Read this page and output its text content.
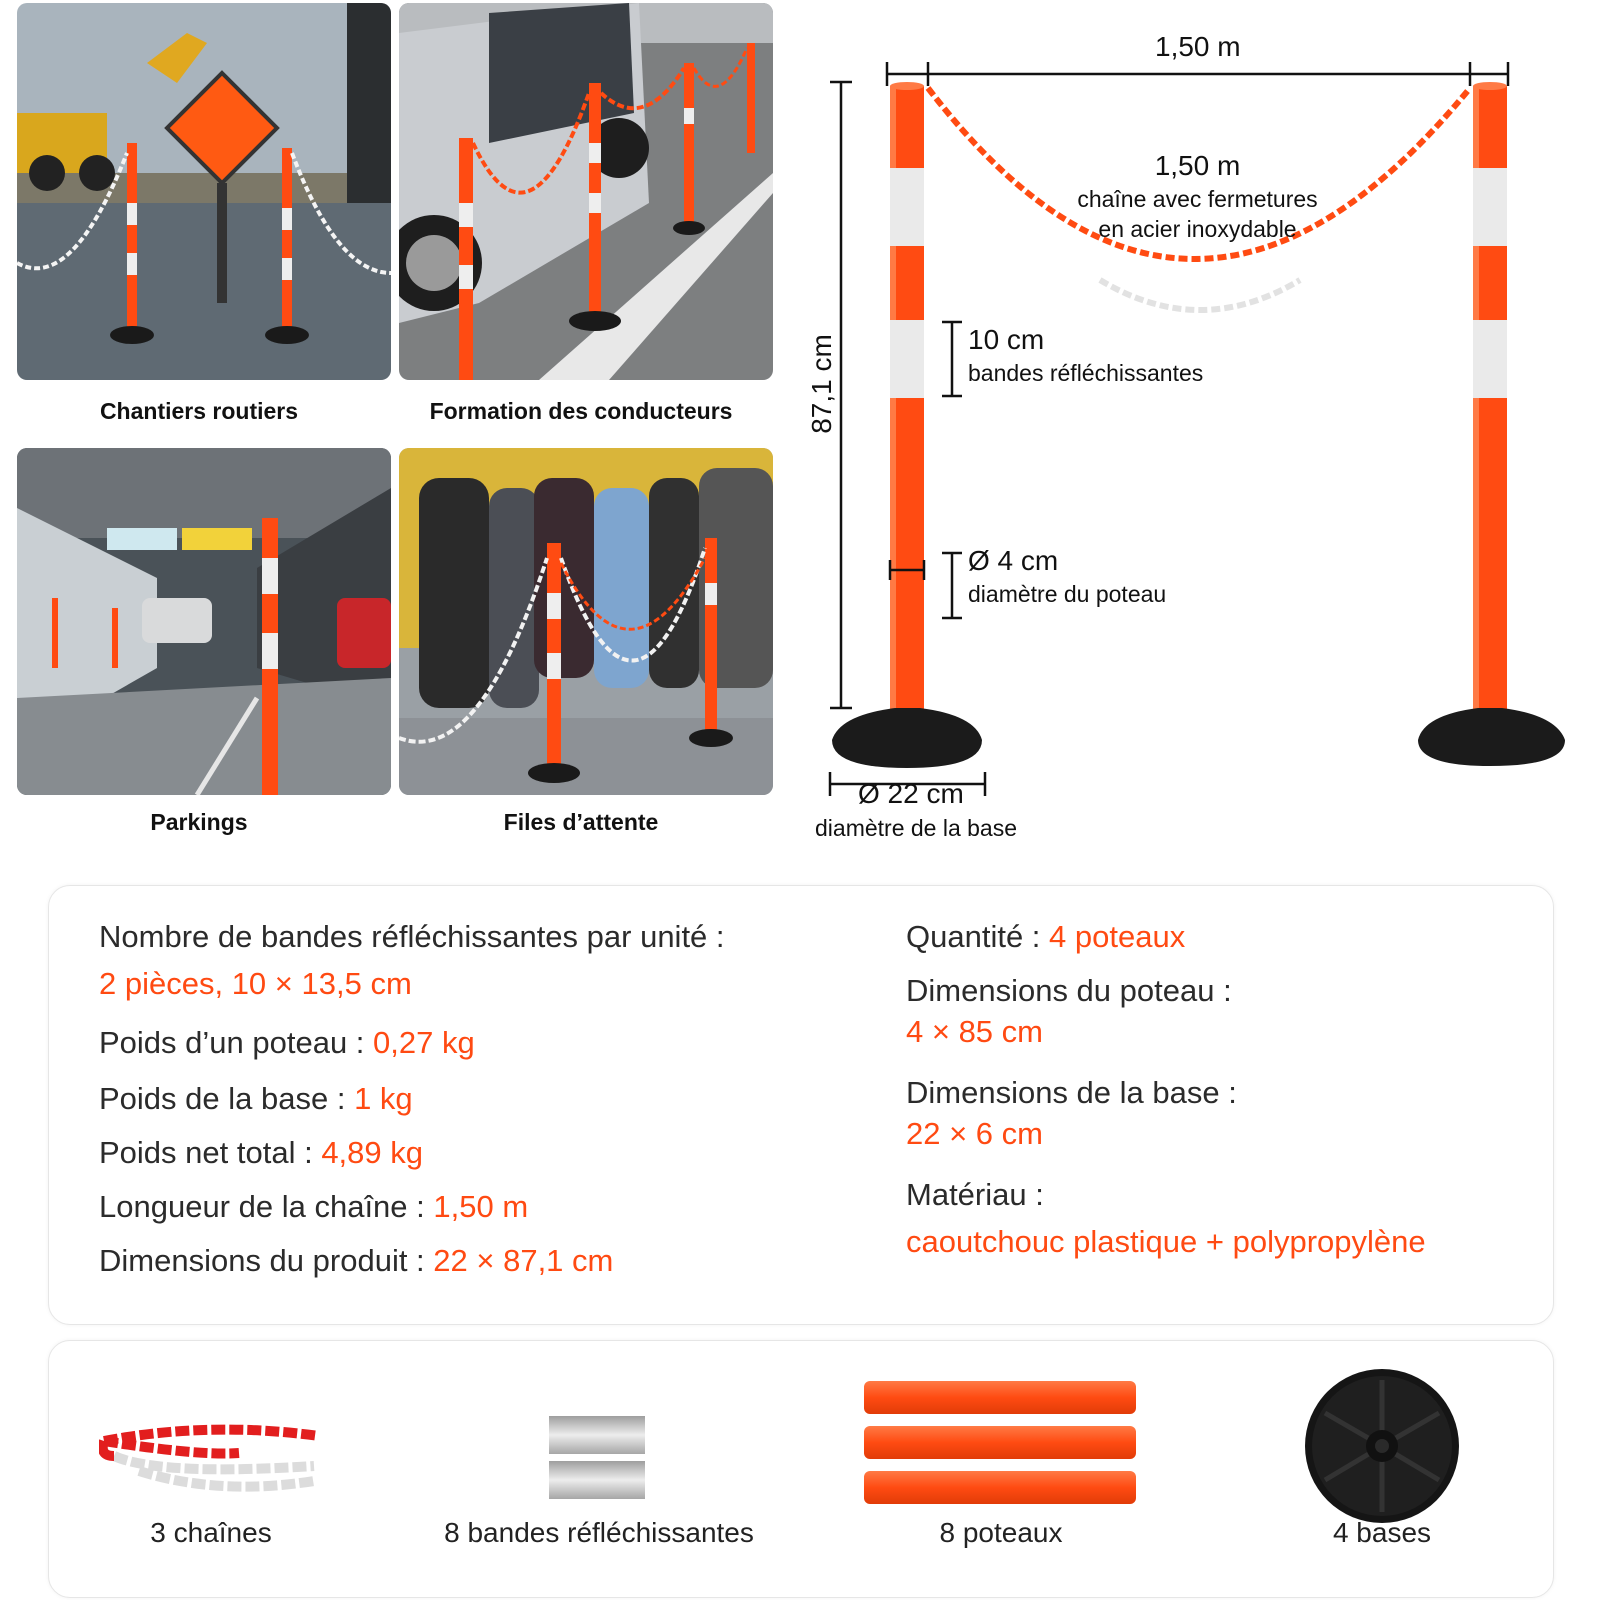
Chantiers routiers	Formation des conducteurs
Parkings	Files d’attente
1,50 m
1,50 m
chaîne avec fermetures
en acier inoxydable
87,1 cm	10 cm
bandes réfléchissantes
Ø 4 cm
diamètre du poteau
Ø 22 cm
diamètre de la base
Nombre de bandes réfléchissantes par unité :
2 pièces, 10 × 13,5 cm
Poids d’un poteau : 0,27 kg
Poids de la base : 1 kg
Poids net total : 4,89 kg
Longueur de la chaîne : 1,50 m
Dimensions du produit : 22 × 87,1 cm
Quantité : 4 poteaux
Dimensions du poteau :
4 × 85 cm
Dimensions de la base :
22 × 6 cm
Matériau :
caoutchouc plastique + polypropylène
3 chaînes	8 bandes réfléchissantes	8 poteaux	4 bases
